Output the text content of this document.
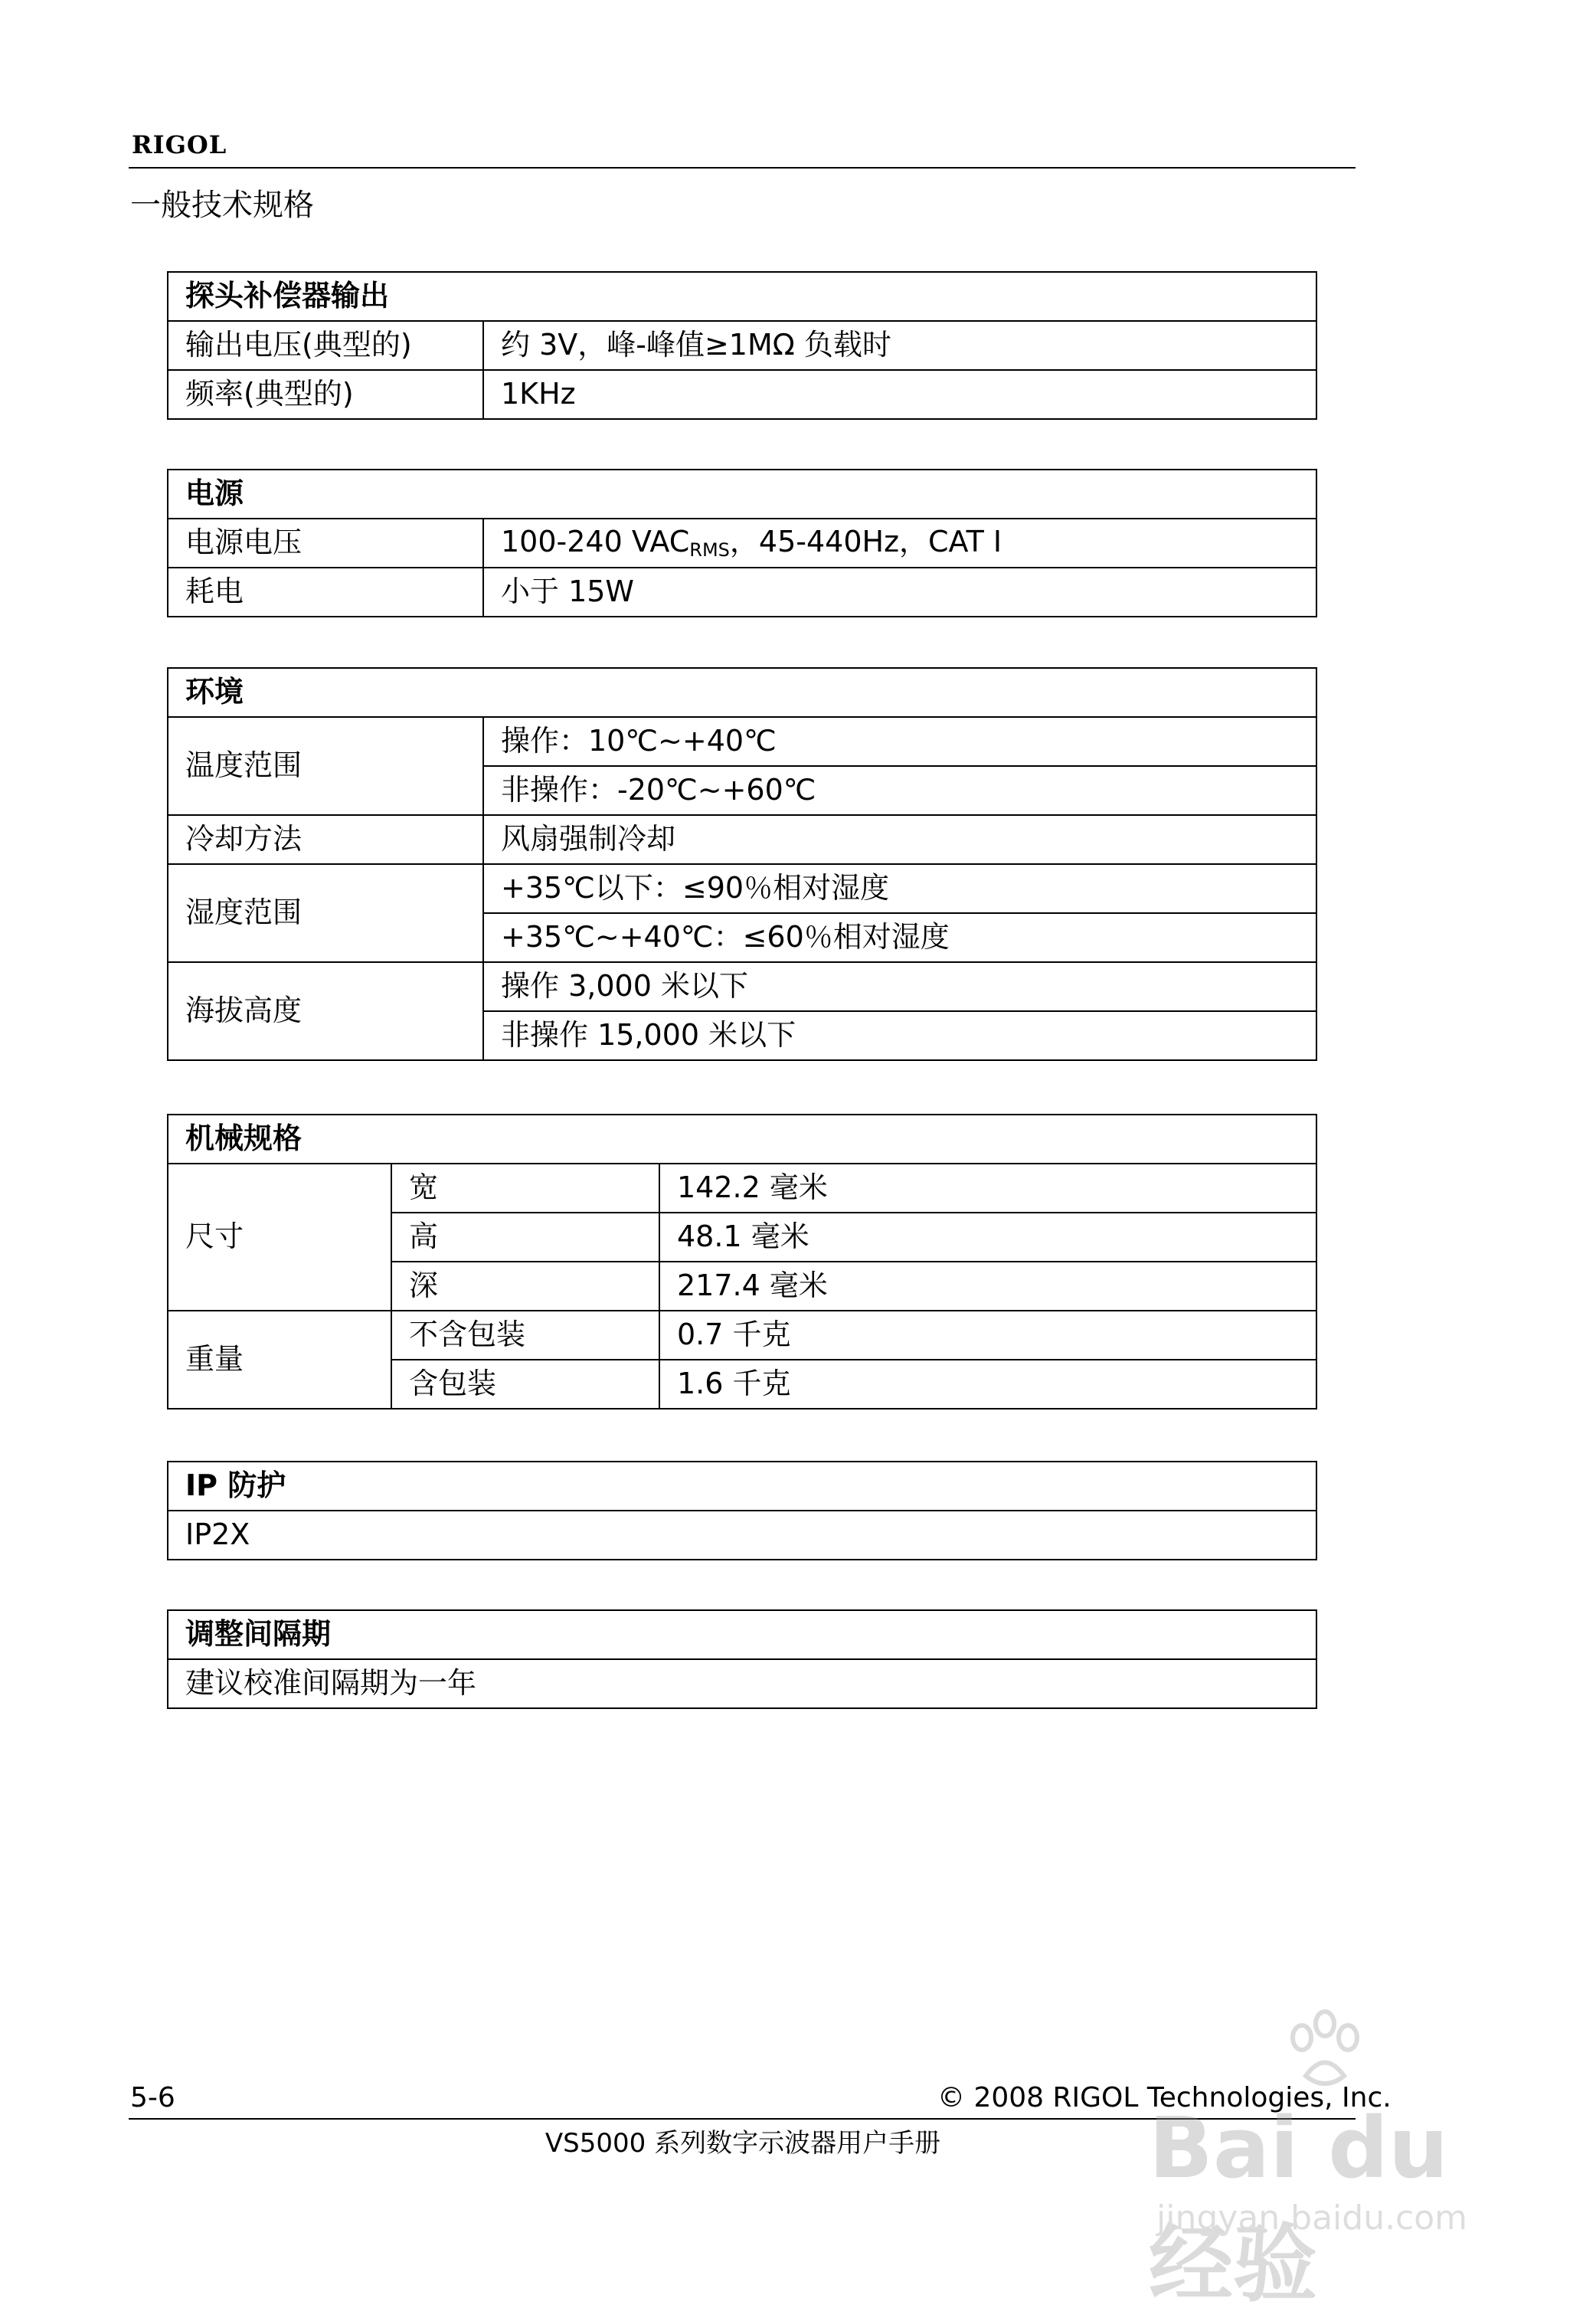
RIGOL
一般技术规格
探头补偿器输出	
输出电压(典型的)	约 3V，峰-峰值≥1MΩ 负载时
频率(典型的)	1KHz
电源	
电源电压	100-240 $VAC_{RMS}$，45-440Hz，CAT Ⅰ
耗电	小于 15W
环境	
温度范围	操作：10℃~+40℃
	非操作：-20℃~+60℃
冷却方法	风扇强制冷却
湿度范围	+35℃以下：≤90％相对湿度
	+35℃~+40℃：≤60％相对湿度
海拔高度	操作 3,000 米以下
	非操作 15,000 米以下
机械规格		
尺寸	宽	142.2 毫米
	高	48.1 毫米
	深	217.4 毫米
重量	不含包装	0.7 千克
	含包装	1.6 千克
IP 防护
IP2X
调整间隔期
建议校准间隔期为一年
5-6	© 2008 RIGOL Technologies, Inc.
VS5000 系列数字示波器用户手册	Bai du 经验
jingyan.baidu.com
